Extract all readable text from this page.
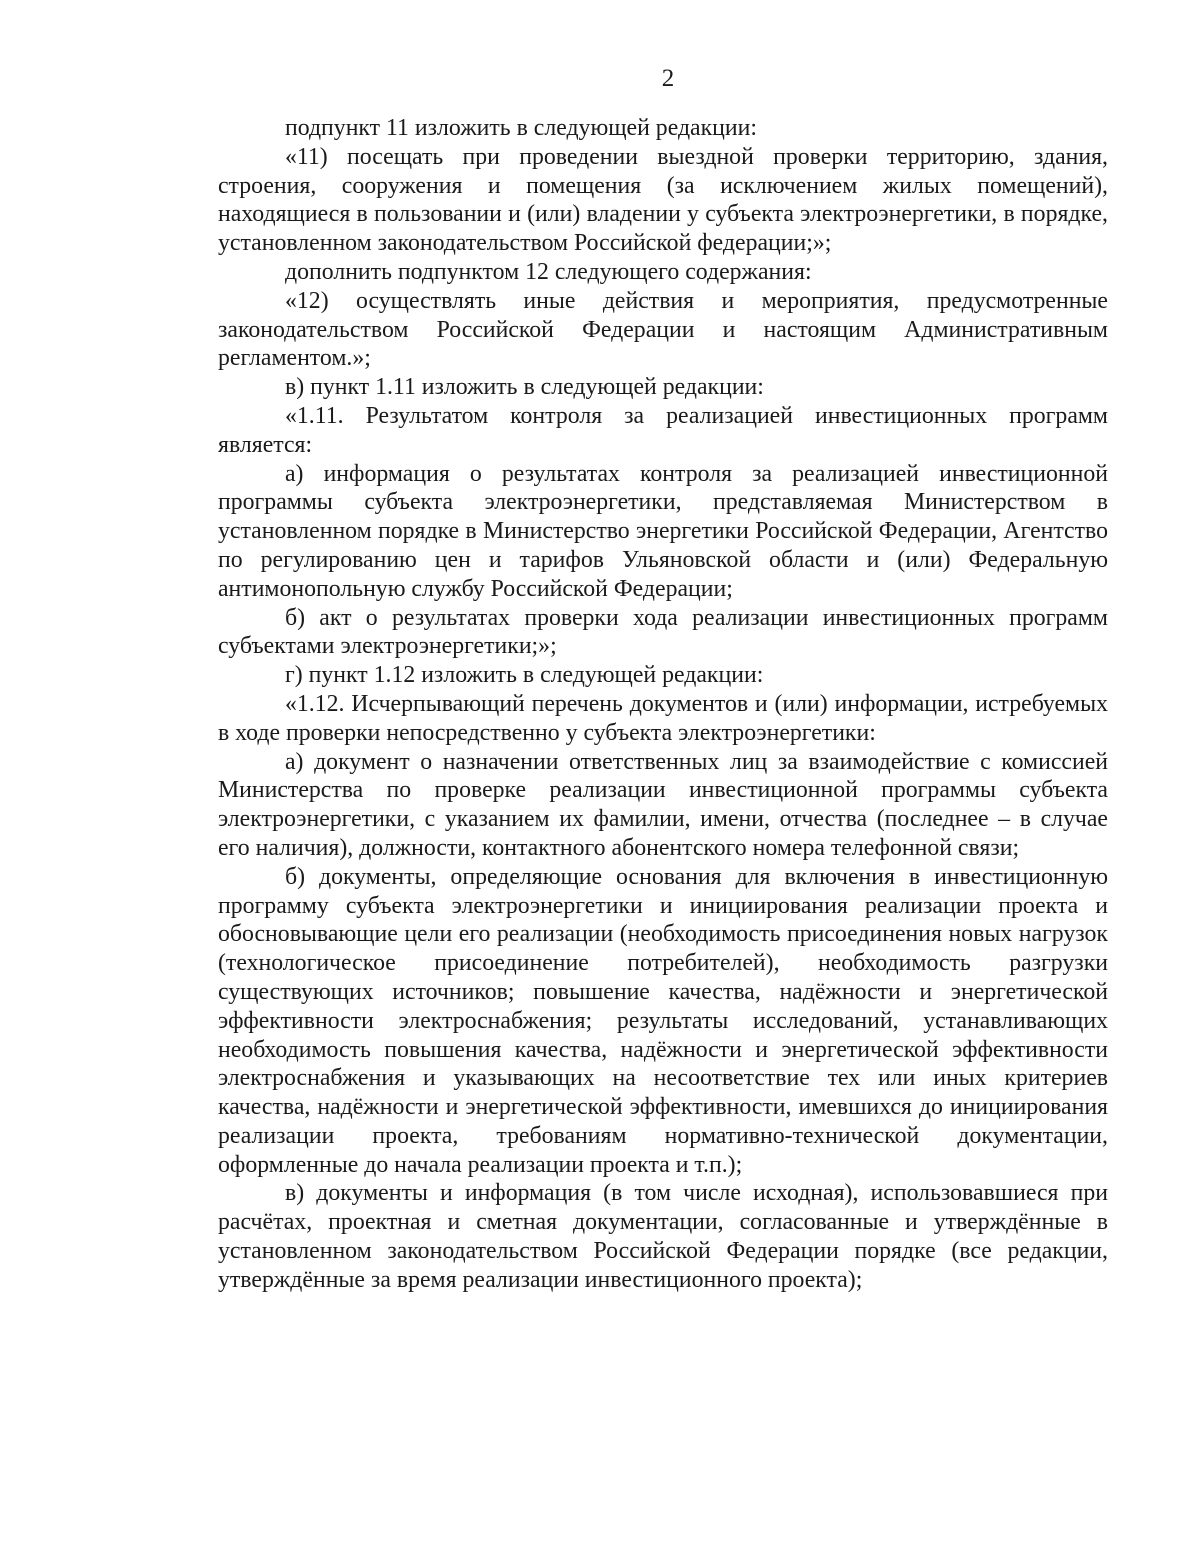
2

подпункт 11 изложить в следующей редакции:

«11) посещать при проведении выездной проверки территорию, здания, строения, сооружения и помещения (за исключением жилых помещений), находящиеся в пользовании и (или) владении у субъекта электроэнергетики, в порядке, установленном законодательством Российской федерации;»;

дополнить подпунктом 12 следующего содержания:

«12) осуществлять иные действия и мероприятия, предусмотренные законодательством Российской Федерации и настоящим Административным регламентом.»;

в) пункт 1.11 изложить в следующей редакции:

«1.11. Результатом контроля за реализацией инвестиционных программ является:

а) информация о результатах контроля за реализацией инвестиционной программы субъекта электроэнергетики, представляемая Министерством в установленном порядке в Министерство энергетики Российской Федерации, Агентство по регулированию цен и тарифов Ульяновской области и (или) Федеральную антимонопольную службу Российской Федерации;

б) акт о результатах проверки хода реализации инвестиционных программ субъектами электроэнергетики;»;

г) пункт 1.12 изложить в следующей редакции:

«1.12. Исчерпывающий перечень документов и (или) информации, истребуемых в ходе проверки непосредственно у субъекта электроэнергетики:

а) документ о назначении ответственных лиц за взаимодействие с комиссией Министерства по проверке реализации инвестиционной программы субъекта электроэнергетики, с указанием их фамилии, имени, отчества (последнее – в случае его наличия), должности, контактного абонентского номера телефонной связи;

б) документы, определяющие основания для включения в инвестиционную программу субъекта электроэнергетики и инициирования реализации проекта и обосновывающие цели его реализации (необходимость присоединения новых нагрузок (технологическое присоединение потребителей), необходимость разгрузки существующих источников; повышение качества, надёжности и энергетической эффективности электроснабжения; результаты исследований, устанавливающих необходимость повышения качества, надёжности и энергетической эффективности электроснабжения и указывающих на несоответствие тех или иных критериев качества, надёжности и энергетической эффективности, имевшихся до инициирования реализации проекта, требованиям нормативно-технической документации, оформленные до начала реализации проекта и т.п.);

в) документы и информация (в том числе исходная), использовавшиеся при расчётах, проектная и сметная документации, согласованные и утверждённые в установленном законодательством Российской Федерации порядке (все редакции, утверждённые за время реализации инвестиционного проекта);
